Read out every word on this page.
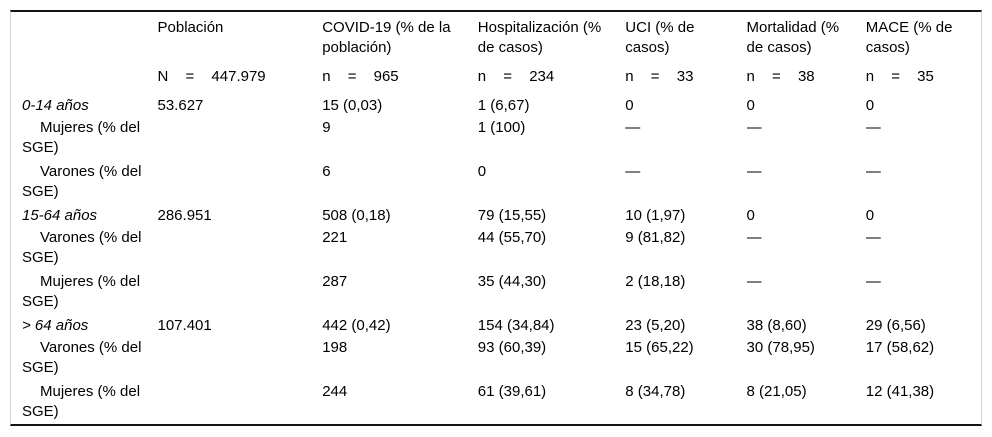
	Población	COVID-19 (% de la población)	Hospitalización (% de casos)	UCI (% de casos)	Mortalidad (% de casos)	MACE (% de casos)
	N = 447.979	n = 965	n = 234	n = 33	n = 38	n = 35
0-14 años	53.627	15 (0,03)	1 (6,67)	0	0	0
Mujeres (% del SGE)		9	1 (100)	—	—	—
Varones (% del SGE)		6	0	—	—	—
15-64 años	286.951	508 (0,18)	79 (15,55)	10 (1,97)	0	0
Varones (% del SGE)		221	44 (55,70)	9 (81,82)	—	—
Mujeres (% del SGE)		287	35 (44,30)	2 (18,18)	—	—
> 64 años	107.401	442 (0,42)	154 (34,84)	23 (5,20)	38 (8,60)	29 (6,56)
Varones (% del SGE)		198	93 (60,39)	15 (65,22)	30 (78,95)	17 (58,62)
Mujeres (% del SGE)		244	61 (39,61)	8 (34,78)	8 (21,05)	12 (41,38)
